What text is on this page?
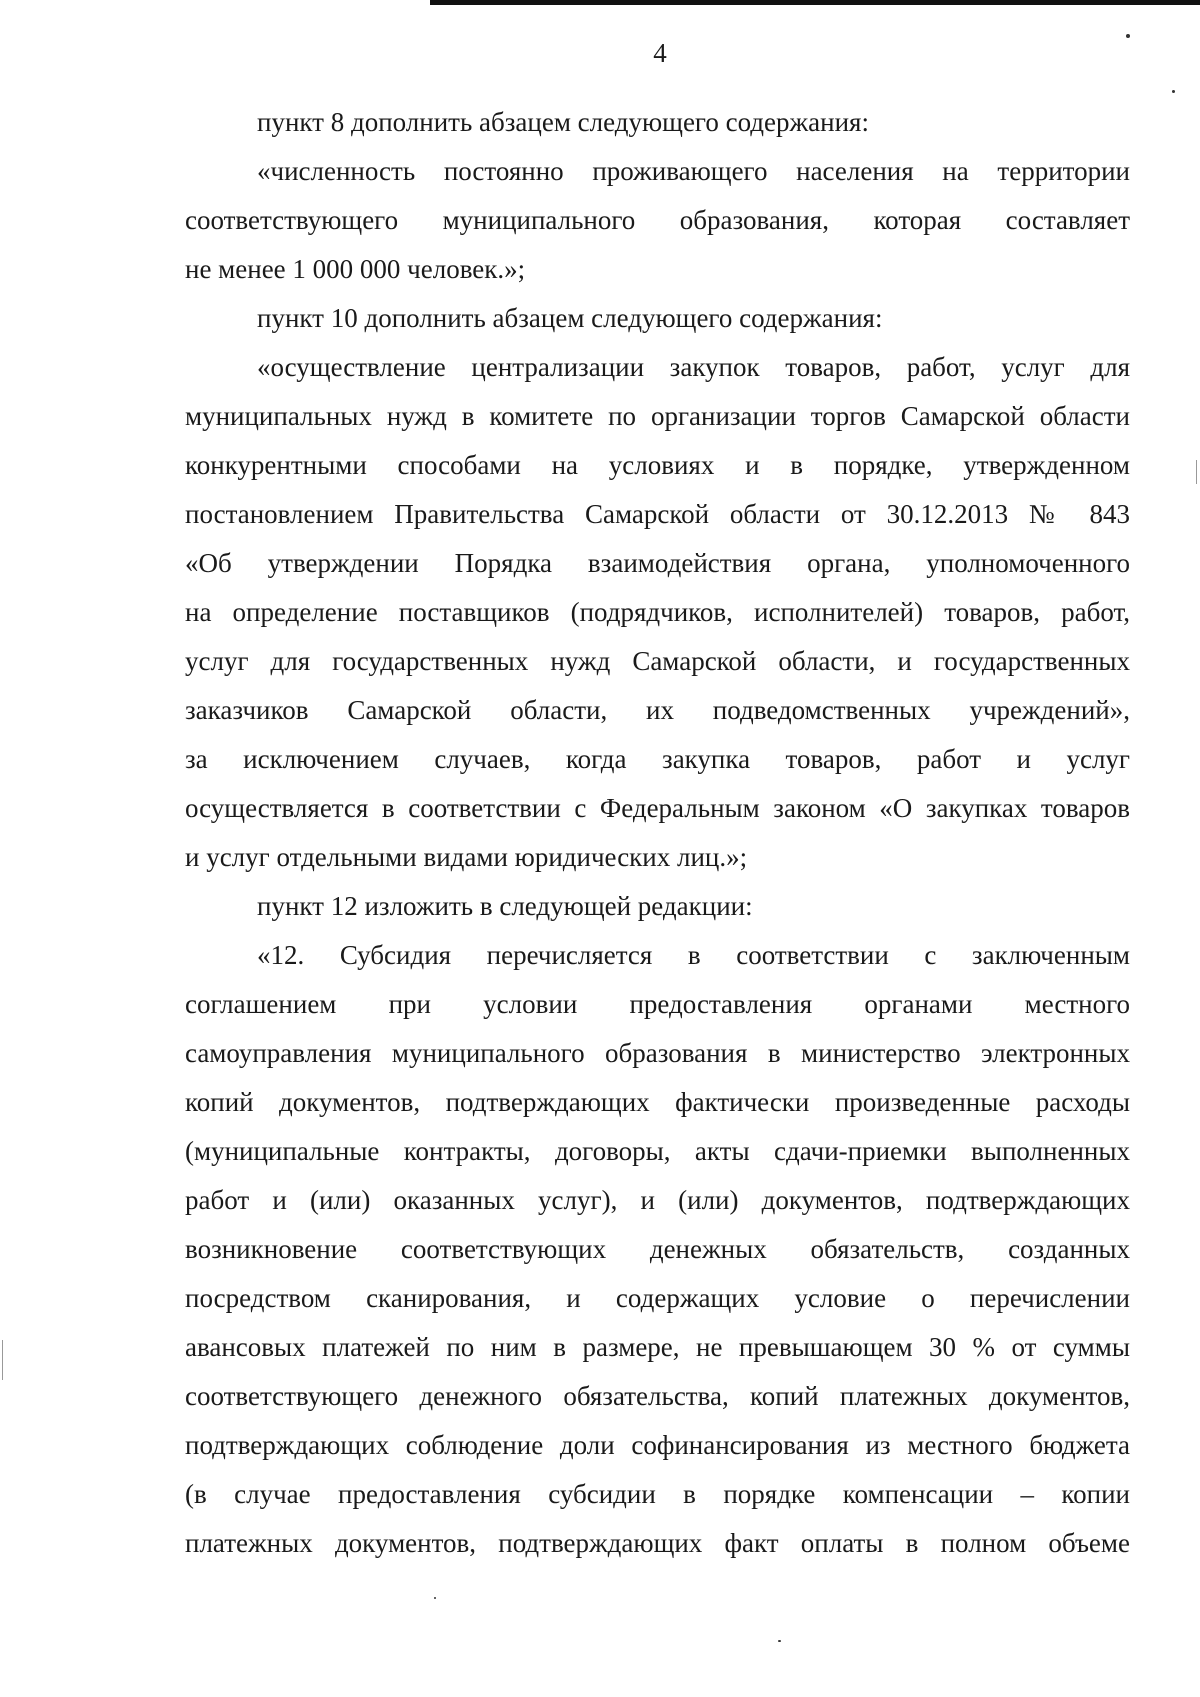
4
пункт 8 дополнить абзацем следующего содержания:
«численность постоянно проживающего населения на территории
соответствующего муниципального образования, которая составляет
не менее 1 000 000 человек.»;
пункт 10 дополнить абзацем следующего содержания:
«осуществление централизации закупок товаров, работ, услуг для
муниципальных нужд в комитете по организации торгов Самарской области
конкурентными способами на условиях и в порядке, утвержденном
постановлением Правительства Самарской области от 30.12.2013 № 843
«Об утверждении Порядка взаимодействия органа, уполномоченного
на определение поставщиков (подрядчиков, исполнителей) товаров, работ,
услуг для государственных нужд Самарской области, и государственных
заказчиков Самарской области, их подведомственных учреждений»,
за исключением случаев, когда закупка товаров, работ и услуг
осуществляется в соответствии с Федеральным законом «О закупках товаров
и услуг отдельными видами юридических лиц.»;
пункт 12 изложить в следующей редакции:
«12. Субсидия перечисляется в соответствии с заключенным
соглашением при условии предоставления органами местного
самоуправления муниципального образования в министерство электронных
копий документов, подтверждающих фактически произведенные расходы
(муниципальные контракты, договоры, акты сдачи-приемки выполненных
работ и (или) оказанных услуг), и (или) документов, подтверждающих
возникновение соответствующих денежных обязательств, созданных
посредством сканирования, и содержащих условие о перечислении
авансовых платежей по ним в размере, не превышающем 30 % от суммы
соответствующего денежного обязательства, копий платежных документов,
подтверждающих соблюдение доли софинансирования из местного бюджета
(в случае предоставления субсидии в порядке компенсации – копии
платежных документов, подтверждающих факт оплаты в полном объеме
